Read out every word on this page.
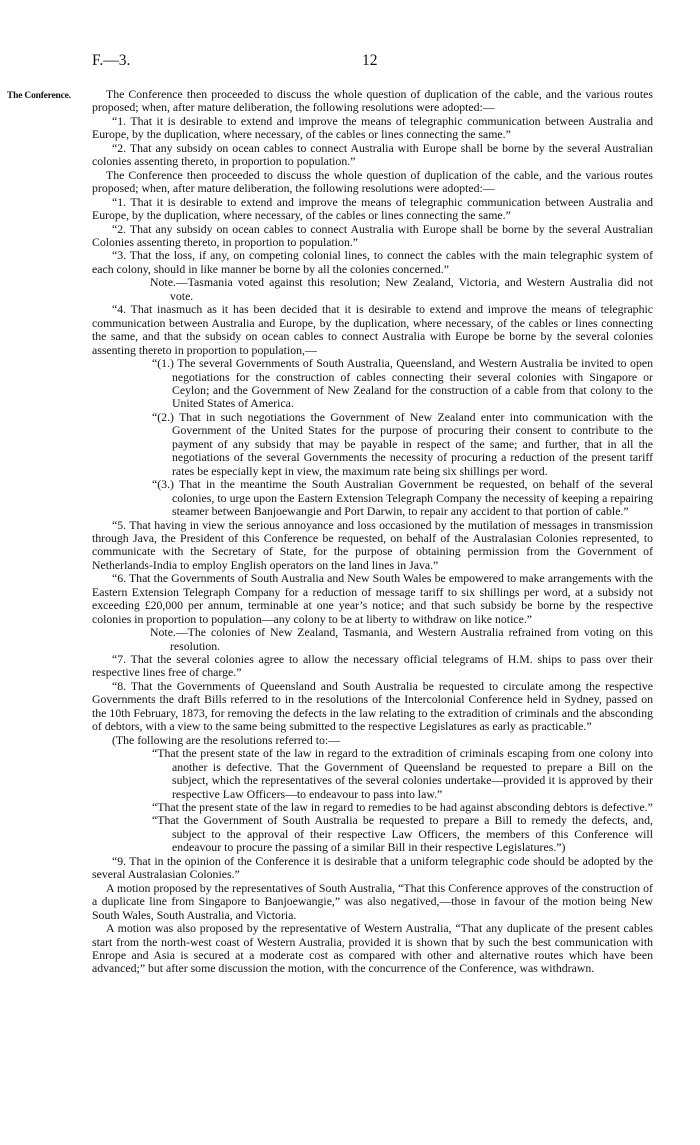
F.—3.	12
The Conference.	The Conference then proceeded to discuss the whole question of duplication of the cable, and the various routes proposed; when, after mature deliberation, the following resolutions were adopted:—

“1. That it is desirable to extend and improve the means of telegraphic communication between Australia and Europe, by the duplication, where necessary, of the cables or lines connecting the same.”

“2. That any subsidy on ocean cables to connect Australia with Europe shall be borne by the several Australian colonies assenting thereto, in proportion to population.”

The Conference then proceeded to discuss the whole question of duplication of the cable, and the various routes proposed; when, after mature deliberation, the following resolutions were adopted:—

“1. That it is desirable to extend and improve the means of telegraphic communication between Australia and Europe, by the duplication, where necessary, of the cables or lines connecting the same.”

“2. That any subsidy on ocean cables to connect Australia with Europe shall be borne by the several Australian Colonies assenting thereto, in proportion to population.”

“3. That the loss, if any, on competing colonial lines, to connect the cables with the main telegraphic system of each colony, should in like manner be borne by all the colonies concerned.”

Note.—Tasmania voted against this resolution; New Zealand, Victoria, and Western Australia did not vote.

“4. That inasmuch as it has been decided that it is desirable to extend and improve the means of telegraphic communication between Australia and Europe, by the duplication, where necessary, of the cables or lines connecting the same, and that the subsidy on ocean cables to connect Australia with Europe be borne by the several colonies assenting thereto in proportion to population,—

“(1.) The several Governments of South Australia, Queensland, and Western Australia be invited to open negotiations for the construction of cables connecting their several colonies with Singapore or Ceylon; and the Government of New Zealand for the construction of a cable from that colony to the United States of America.

“(2.) That in such negotiations the Government of New Zealand enter into communication with the Government of the United States for the purpose of procuring their consent to contribute to the payment of any subsidy that may be payable in respect of the same; and further, that in all the negotiations of the several Governments the necessity of procuring a reduction of the present tariff rates be especially kept in view, the maximum rate being six shillings per word.

“(3.) That in the meantime the South Australian Government be requested, on behalf of the several colonies, to urge upon the Eastern Extension Telegraph Company the necessity of keeping a repairing steamer between Banjoewangie and Port Darwin, to repair any accident to that portion of cable.”

“5. That having in view the serious annoyance and loss occasioned by the mutilation of messages in transmission through Java, the President of this Conference be requested, on behalf of the Australasian Colonies represented, to communicate with the Secretary of State, for the purpose of obtaining permission from the Government of Netherlands-India to employ English operators on the land lines in Java.”

“6. That the Governments of South Australia and New South Wales be empowered to make arrangements with the Eastern Extension Telegraph Company for a reduction of message tariff to six shillings per word, at a subsidy not exceeding £20,000 per annum, terminable at one year’s notice; and that such subsidy be borne by the respective colonies in proportion to population—any colony to be at liberty to withdraw on like notice.”

Note.—The colonies of New Zealand, Tasmania, and Western Australia refrained from voting on this resolution.

“7. That the several colonies agree to allow the necessary official telegrams of H.M. ships to pass over their respective lines free of charge.”

“8. That the Governments of Queensland and South Australia be requested to circulate among the respective Governments the draft Bills referred to in the resolutions of the Intercolonial Conference held in Sydney, passed on the 10th February, 1873, for removing the defects in the law relating to the extradition of criminals and the absconding of debtors, with a view to the same being submitted to the respective Legislatures as early as practicable.”

(The following are the resolutions referred to:—

“That the present state of the law in regard to the extradition of criminals escaping from one colony into another is defective. That the Government of Queensland be requested to prepare a Bill on the subject, which the representatives of the several colonies undertake—provided it is approved by their respective Law Officers—to endeavour to pass into law.”

“That the present state of the law in regard to remedies to be had against absconding debtors is defective.”

“That the Government of South Australia be requested to prepare a Bill to remedy the defects, and, subject to the approval of their respective Law Officers, the members of this Conference will endeavour to procure the passing of a similar Bill in their respective Legislatures.”)

“9. That in the opinion of the Conference it is desirable that a uniform telegraphic code should be adopted by the several Australasian Colonies.”

A motion proposed by the representatives of South Australia, “That this Conference approves of the construction of a duplicate line from Singapore to Banjoewangie,” was also negatived,—those in favour of the motion being New South Wales, South Australia, and Victoria.

A motion was also proposed by the representative of Western Australia, “That any duplicate of the present cables start from the north-west coast of Western Australia, provided it is shown that by such the best communication with Enrope and Asia is secured at a moderate cost as compared with other and alternative routes which have been advanced;” but after some discussion the motion, with the concurrence of the Conference, was withdrawn.
